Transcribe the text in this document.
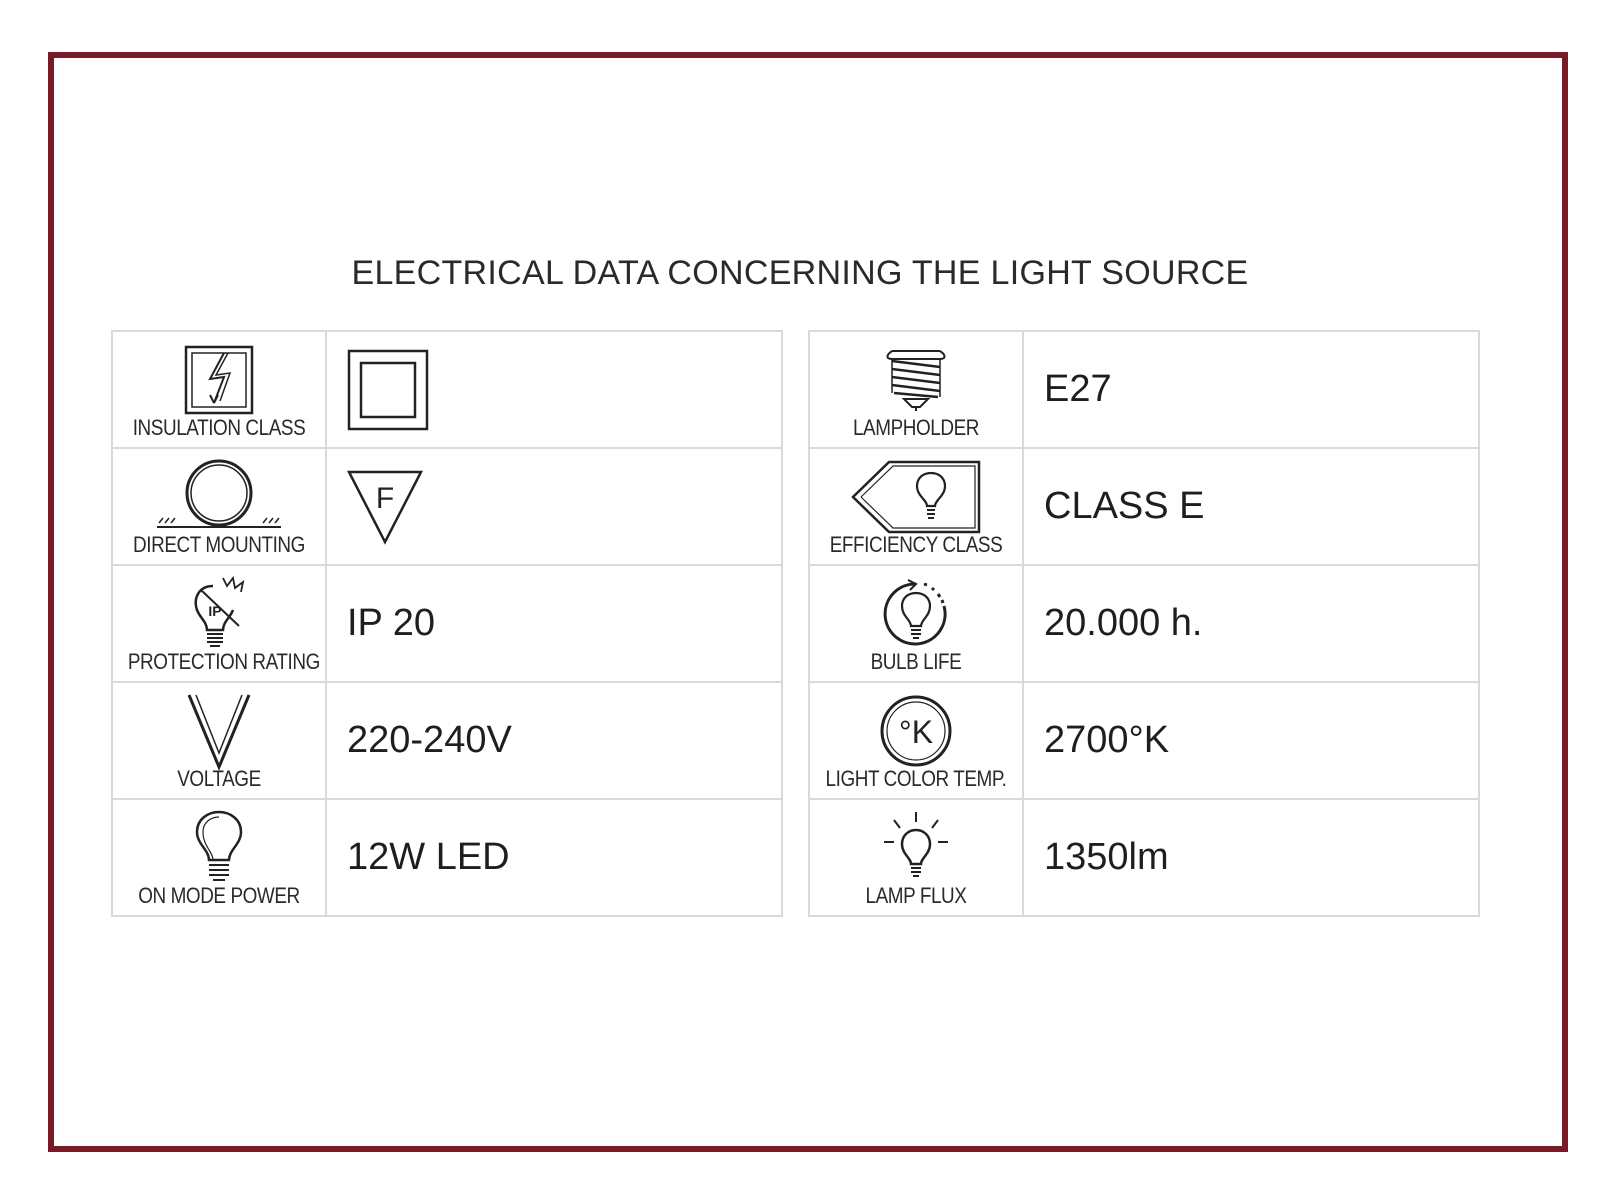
ELECTRICAL DATA CONCERNING THE LIGHT SOURCE
INSULATION CLASS

DIRECT MOUNTING	F

IP
PROTECTION RATING	IP 20

VOLTAGE	220-240V

ON MODE POWER	12W LED
LAMPHOLDER	E27

EFFICIENCY CLASS	CLASS E

BULB LIFE	20.000 h.

°K
LIGHT COLOR TEMP.	2700°K

LAMP FLUX	1350lm
